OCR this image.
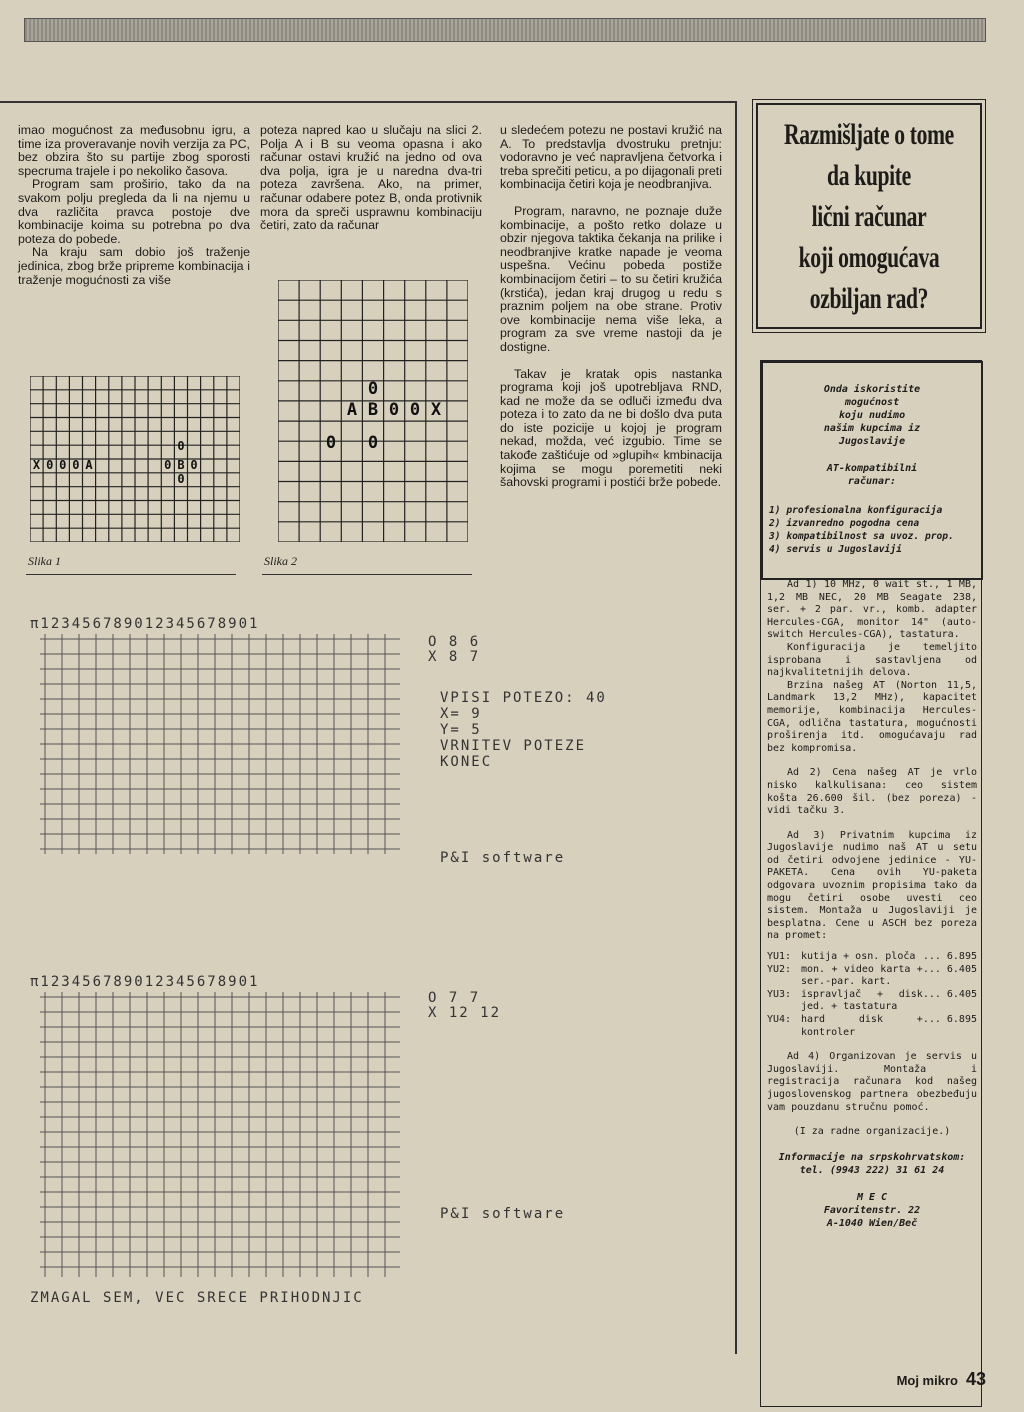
imao mogućnost za međusobnu igru, a time iza proveravanje novih verzija za PC, bez obzira što su partije zbog sporosti specruma trajele i po nekoliko časova.

Program sam proširio, tako da na svakom polju pregleda da li na njemu u dva različita pravca postoje dve kombinacije koima su potrebna po dva poteza do pobede.

Na kraju sam dobio još traženje jedinica, zbog brže pripreme kombinacija i traženje mogućnosti za više

poteza napred kao u slučaju na slici 2. Polja A i B su veoma opasna i ako računar ostavi kružić na jedno od ova dva polja, igra je u naredna dva-tri poteza završena. Ako, na primer, računar odabere potez B, onda protivnik mora da spreči usprawnu kombinaciju četiri, zato da računar

u sledećem potezu ne postavi kružić na A. To predstavlja dvostruku pretnju: vodoravno je već napravljena četvorka i treba sprečiti peticu, a po dijagonali preti kombinacija četiri koja je neodbranjiva.

Program, naravno, ne poznaje duže kombinacije, a pošto retko dolaze u obzir njegova taktika čekanja na prilike i neodbranjive kratke napade je veoma uspešna. Većinu pobeda postiže kombinacijom četiri – to su četiri kružića (krstića), jedan kraj drugog u redu s praznim poljem na obe strane. Protiv ove kombinacije nema više leka, a program za sve vreme nastoji da je dostigne.

Takav je kratak opis nastanka programa koji još upotrebljava RND, kad ne može da se odluči između dva poteza i to zato da ne bi došlo dva puta do iste pozicije u kojoj je program nekad, možda, već izgubio. Time se takođe zaštićuje od »glupih« kmbinacija kojima se mogu poremetiti neki šahovski programi i postići brže pobede.

0
X 0 0 0 A	0 B 0
0
Slika 1
0
A B 0 0 X
0 0
Slika 2
Razmišljate o tome
da kupite
lični računar
koji omogućava
ozbiljan rad?
Onda iskoristite
mogućnost
koju nudimo
našim kupcima iz
Jugoslavije
AT-kompatibilni
računar:
1) profesionalna konfiguracija
2) izvanredno pogodna cena
3) kompatibilnost sa uvoz. prop.
4) servis u Jugoslaviji

Ad 1) 10 MHz, 0 wait st., 1 MB, 1,2 MB NEC, 20 MB Seagate 238, ser. + 2 par. vr., komb. adapter Hercules-CGA, monitor 14" (auto-switch Hercules-CGA), tastatura.

Konfiguracija je temeljito isprobana i sastavljena od najkvalitetnijih delova.

Brzina našeg AT (Norton 11,5, Landmark 13,2 MHz), kapacitet memorije, kombinacija Hercules-CGA, odlična tastatura, mogućnosti proširenja itd. omogućavaju rad bez kompromisa.

Ad 2) Cena našeg AT je vrlo nisko kalkulisana: ceo sistem košta 26.600 šil. (bez poreza) - vidi tačku 3.

Ad 3) Privatnim kupcima iz Jugoslavije nudimo naš AT u setu od četiri odvojene jedinice - YU-PAKETA. Cena ovih YU-paketa odgovara uvoznim propisima tako da mogu četiri osobe uvesti ceo sistem. Montaža u Jugoslaviji je besplatna. Cene u ASCH bez poreza na promet:

YU1: kutija + osn. ploča ... 6.895
YU2: mon. + video karta + ser.-par. kart.
... 6.405
YU3: ispravljač + disk jed. + tastatura
... 6.405
YU4: hard disk + kontroler
... 6.895

Ad 4) Organizovan je servis u Jugoslaviji. Montaža i registracija računara kod našeg jugoslovenskog partnera obezbeđuju vam pouzdanu stručnu pomoć.

(I za radne organizacije.)

Informacije na srpskohrvatskom: tel. (9943 222) 31 61 24

M E C
Favoritenstr. 22
A-1040 Wien/Beč
π1234567890123456789​01
O 8 6
X 8 7
VPISI POTEZO: 40
X= 9
Y= 5
VRNITEV POTEZE
KONEC
P&I software
π1234567890123456789​01
O 7 7
X 12 12
P&I software
ZMAGAL SEM, VEC SRECE PRIHODNJIC
Moj mikro 43
